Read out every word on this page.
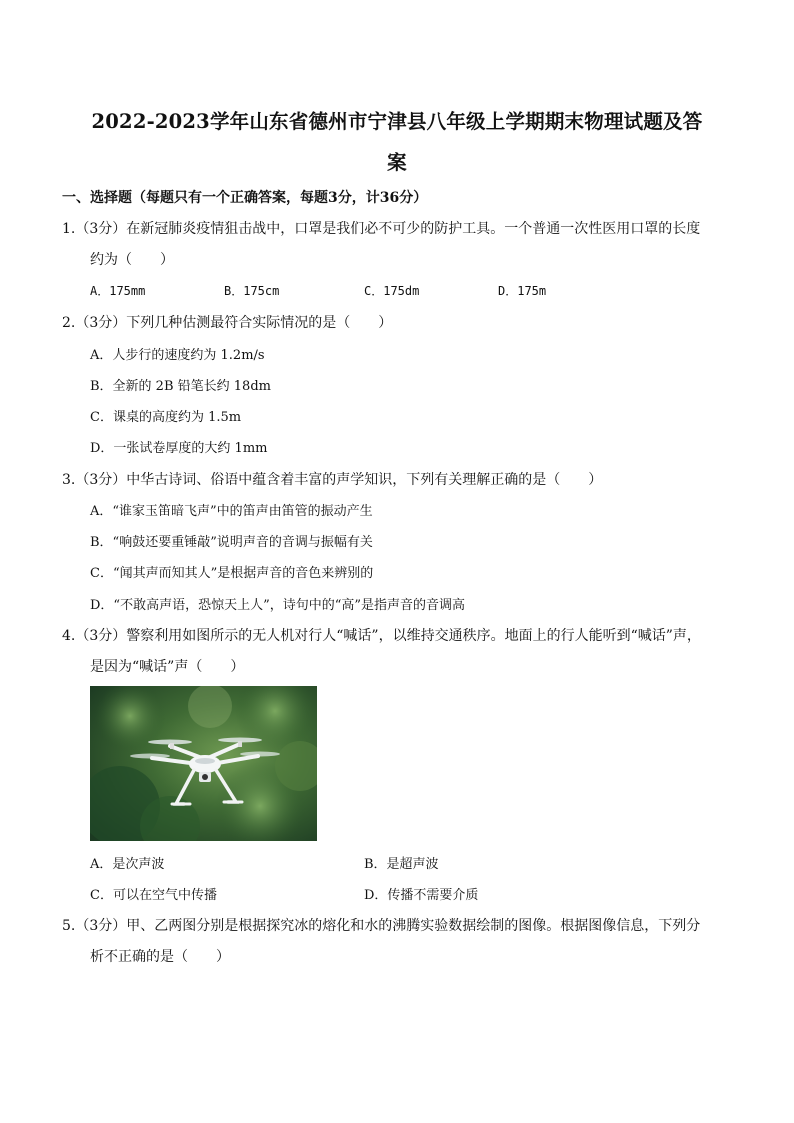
2022-2023学年山东省德州市宁津县八年级上学期期末物理试题及答
案
一、选择题（每题只有一个正确答案，每题3分，计36分）
1.（3分）在新冠肺炎疫情狙击战中，口罩是我们必不可少的防护工具。一个普通一次性医用口罩的长度
约为（　　）
A．175mm	B．175cm	C．175dm	D．175m
2.（3分）下列几种估测最符合实际情况的是（　　）
A．人步行的速度约为 1.2m/s
B．全新的 2B 铅笔长约 18dm
C．课桌的高度约为 1.5m
D．一张试卷厚度的大约 1mm
3.（3分）中华古诗词、俗语中蕴含着丰富的声学知识，下列有关理解正确的是（　　）
A．“谁家玉笛暗飞声”中的笛声由笛管的振动产生
B．“响鼓还要重锤敲”说明声音的音调与振幅有关
C．“闻其声而知其人”是根据声音的音色来辨别的
D．“不敢高声语，恐惊天上人”，诗句中的“高”是指声音的音调高
4.（3分）警察利用如图所示的无人机对行人“喊话”，以维持交通秩序。地面上的行人能听到“喊话”声，
是因为“喊话”声（　　）
A．是次声波	B．是超声波
C．可以在空气中传播	D．传播不需要介质
5.（3分）甲、乙两图分别是根据探究冰的熔化和水的沸腾实验数据绘制的图像。根据图像信息，下列分
析不正确的是（　　）
